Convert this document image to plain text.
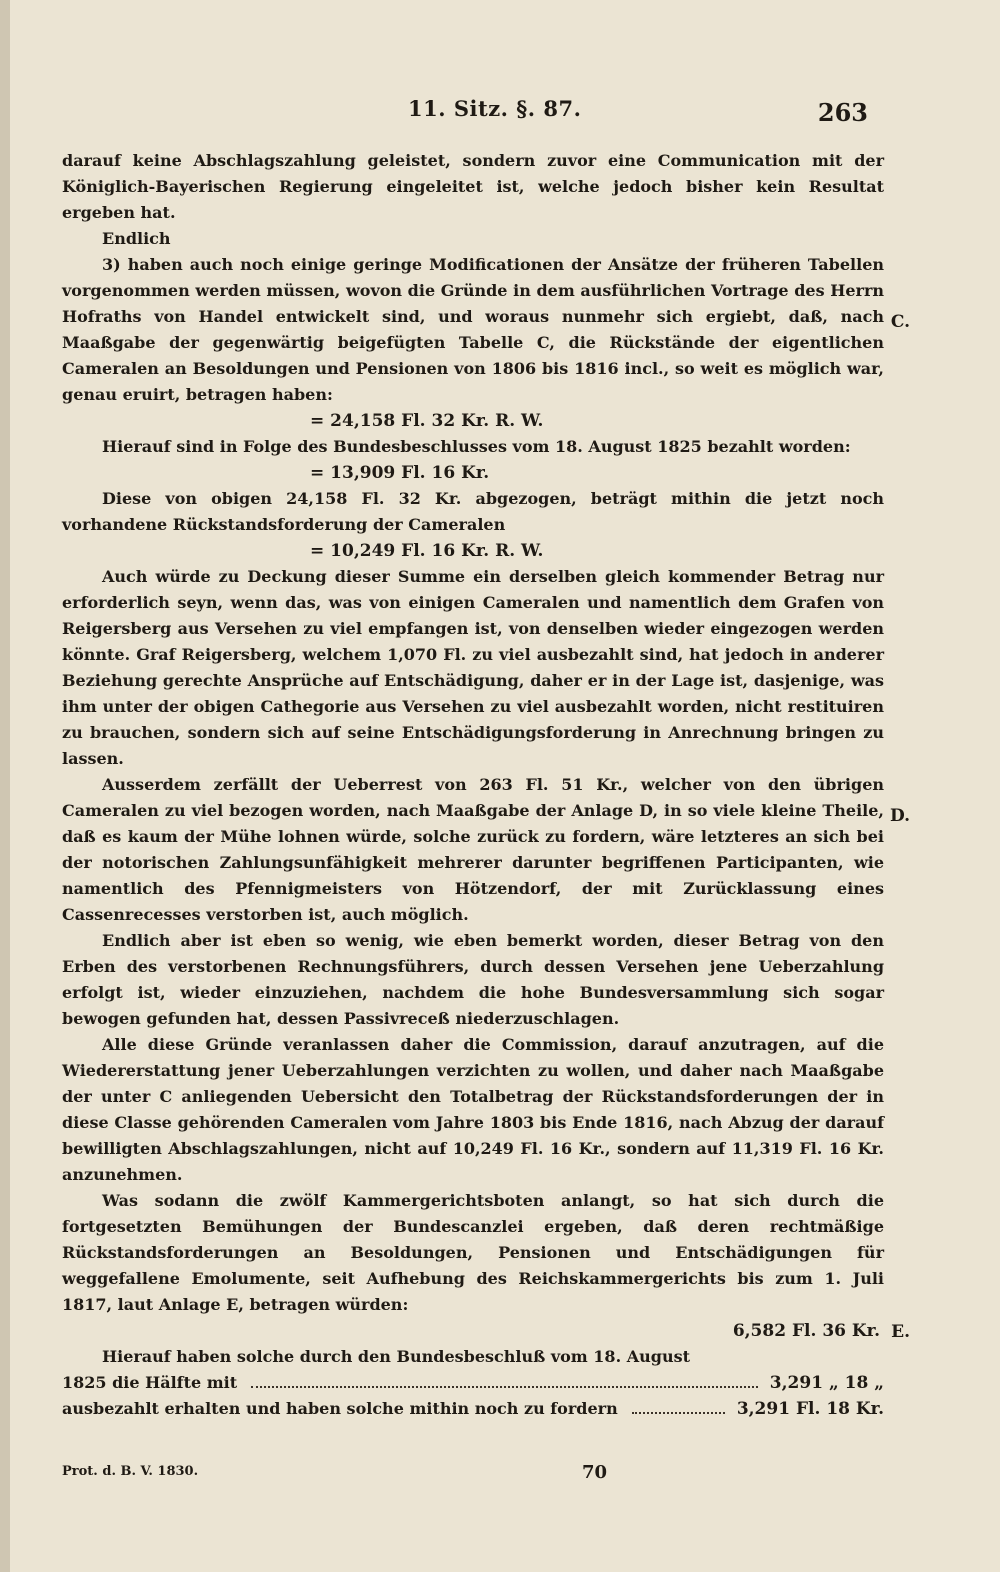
11. Sitz. §. 87.	263
C.
D.
E.

darauf keine Abschlagszahlung geleistet, sondern zuvor eine Communication mit der Königlich-Bayerischen Regierung eingeleitet ist, welche jedoch bisher kein Resultat ergeben hat.

Endlich

3) haben auch noch einige geringe Modificationen der Ansätze der früheren Tabellen vorgenommen werden müssen, wovon die Gründe in dem ausführlichen Vortrage des Herrn Hofraths von Handel entwickelt sind, und woraus nunmehr sich ergiebt, daß, nach Maaßgabe der gegenwärtig beigefügten Tabelle C, die Rückstände der eigentlichen Cameralen an Besoldungen und Pensionen von 1806 bis 1816 incl., so weit es möglich war, genau eruirt, betragen haben:

= 24,158 Fl. 32 Kr. R. W.

Hierauf sind in Folge des Bundesbeschlusses vom 18. August 1825 bezahlt worden:

= 13,909 Fl. 16 Kr.

Diese von obigen 24,158 Fl. 32 Kr. abgezogen, beträgt mithin die jetzt noch vorhandene Rückstandsforderung der Cameralen

= 10,249 Fl. 16 Kr. R. W.

Auch würde zu Deckung dieser Summe ein derselben gleich kommender Betrag nur erforderlich seyn, wenn das, was von einigen Cameralen und namentlich dem Grafen von Reigersberg aus Versehen zu viel empfangen ist, von denselben wieder eingezogen werden könnte. Graf Reigersberg, welchem 1,070 Fl. zu viel ausbezahlt sind, hat jedoch in anderer Beziehung gerechte Ansprüche auf Entschädigung, daher er in der Lage ist, dasjenige, was ihm unter der obigen Cathegorie aus Versehen zu viel ausbezahlt worden, nicht restituiren zu brauchen, sondern sich auf seine Entschädigungsforderung in Anrechnung bringen zu lassen.

Ausserdem zerfällt der Ueberrest von 263 Fl. 51 Kr., welcher von den übrigen Cameralen zu viel bezogen worden, nach Maaßgabe der Anlage D, in so viele kleine Theile, daß es kaum der Mühe lohnen würde, solche zurück zu fordern, wäre letzteres an sich bei der notorischen Zahlungsunfähigkeit mehrerer darunter begriffenen Participanten, wie namentlich des Pfennigmeisters von Hötzendorf, der mit Zurücklassung eines Cassenrecesses verstorben ist, auch möglich.

Endlich aber ist eben so wenig, wie eben bemerkt worden, dieser Betrag von den Erben des verstorbenen Rechnungsführers, durch dessen Versehen jene Ueberzahlung erfolgt ist, wieder einzuziehen, nachdem die hohe Bundesversammlung sich sogar bewogen gefunden hat, dessen Passivreceß niederzuschlagen.

Alle diese Gründe veranlassen daher die Commission, darauf anzutragen, auf die Wiedererstattung jener Ueberzahlungen verzichten zu wollen, und daher nach Maaßgabe der unter C anliegenden Uebersicht den Totalbetrag der Rückstandsforderungen der in diese Classe gehörenden Cameralen vom Jahre 1803 bis Ende 1816, nach Abzug der darauf bewilligten Abschlagszahlungen, nicht auf 10,249 Fl. 16 Kr., sondern auf 11,319 Fl. 16 Kr. anzunehmen.

Was sodann die zwölf Kammergerichtsboten anlangt, so hat sich durch die fortgesetzten Bemühungen der Bundescanzlei ergeben, daß deren rechtmäßige Rückstandsforderungen an Besoldungen, Pensionen und Entschädigungen für weggefallene Emolumente, seit Aufhebung des Reichskammergerichts bis zum 1. Juli 1817, laut Anlage E, betragen würden:

6,582 Fl. 36 Kr.

Hierauf haben solche durch den Bundesbeschluß vom 18. August

1825 die Hälfte mit	3,291 „ 18 „
ausbezahlt erhalten und haben solche mithin noch zu fordern	3,291 Fl. 18 Kr.
Prot. d. B. V. 1830.	70
